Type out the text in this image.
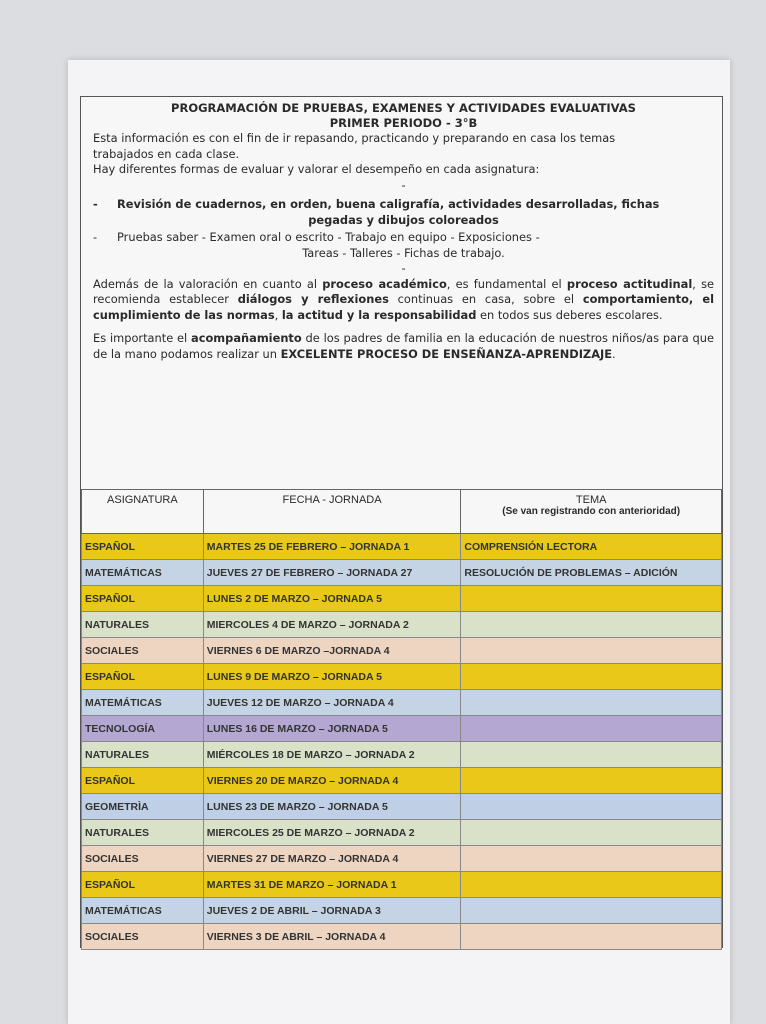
PROGRAMACIÓN DE PRUEBAS, EXAMENES Y ACTIVIDADES EVALUATIVAS
PRIMER PERIODO - 3°B

Esta información es con el fin de ir repasando, practicando y preparando en casa los temas

trabajados en cada clase.

Hay diferentes formas de evaluar y valorar el desempeño en cada asignatura:

-
- Revisión de cuadernos, en orden, buena caligrafía, actividades desarrolladas, fichas
pegadas y dibujos coloreados
- Pruebas saber - Examen oral o escrito - Trabajo en equipo - Exposiciones -
Tareas - Talleres - Fichas de trabajo.
-

Además de la valoración en cuanto al proceso académico, es fundamental el proceso actitudinal, se recomienda establecer diálogos y reflexiones continuas en casa, sobre el comportamiento, el cumplimiento de las normas, la actitud y la responsabilidad en todos sus deberes escolares.

Es importante el acompañamiento de los padres de familia en la educación de nuestros niños/as para que de la mano podamos realizar un EXCELENTE PROCESO DE ENSEÑANZA-APRENDIZAJE.

ASIGNATURA	FECHA - JORNADA	TEMA
(Se van registrando con anterioridad)

ESPAÑOL	MARTES 25 DE FEBRERO – JORNADA 1	COMPRENSIÓN LECTORA
MATEMÁTICAS	JUEVES 27 DE FEBRERO – JORNADA 27	RESOLUCIÓN DE PROBLEMAS – ADICIÓN
ESPAÑOL	LUNES 2 DE MARZO – JORNADA 5	
NATURALES	MIERCOLES 4 DE MARZO – JORNADA 2	
SOCIALES	VIERNES 6 DE MARZO –JORNADA 4	
ESPAÑOL	LUNES 9 DE MARZO – JORNADA 5	
MATEMÁTICAS	JUEVES 12 DE MARZO – JORNADA 4	
TECNOLOGÍA	LUNES 16 DE MARZO – JORNADA 5	
NATURALES	MIÉRCOLES 18 DE MARZO – JORNADA 2	
ESPAÑOL	VIERNES 20 DE MARZO – JORNADA 4	
GEOMETRÌA	LUNES 23 DE MARZO – JORNADA 5	
NATURALES	MIERCOLES 25 DE MARZO – JORNADA 2	
SOCIALES	VIERNES 27 DE MARZO – JORNADA 4	
ESPAÑOL	MARTES 31 DE MARZO – JORNADA 1	
MATEMÁTICAS	JUEVES 2 DE ABRIL – JORNADA 3	
SOCIALES	VIERNES 3 DE ABRIL – JORNADA 4	
